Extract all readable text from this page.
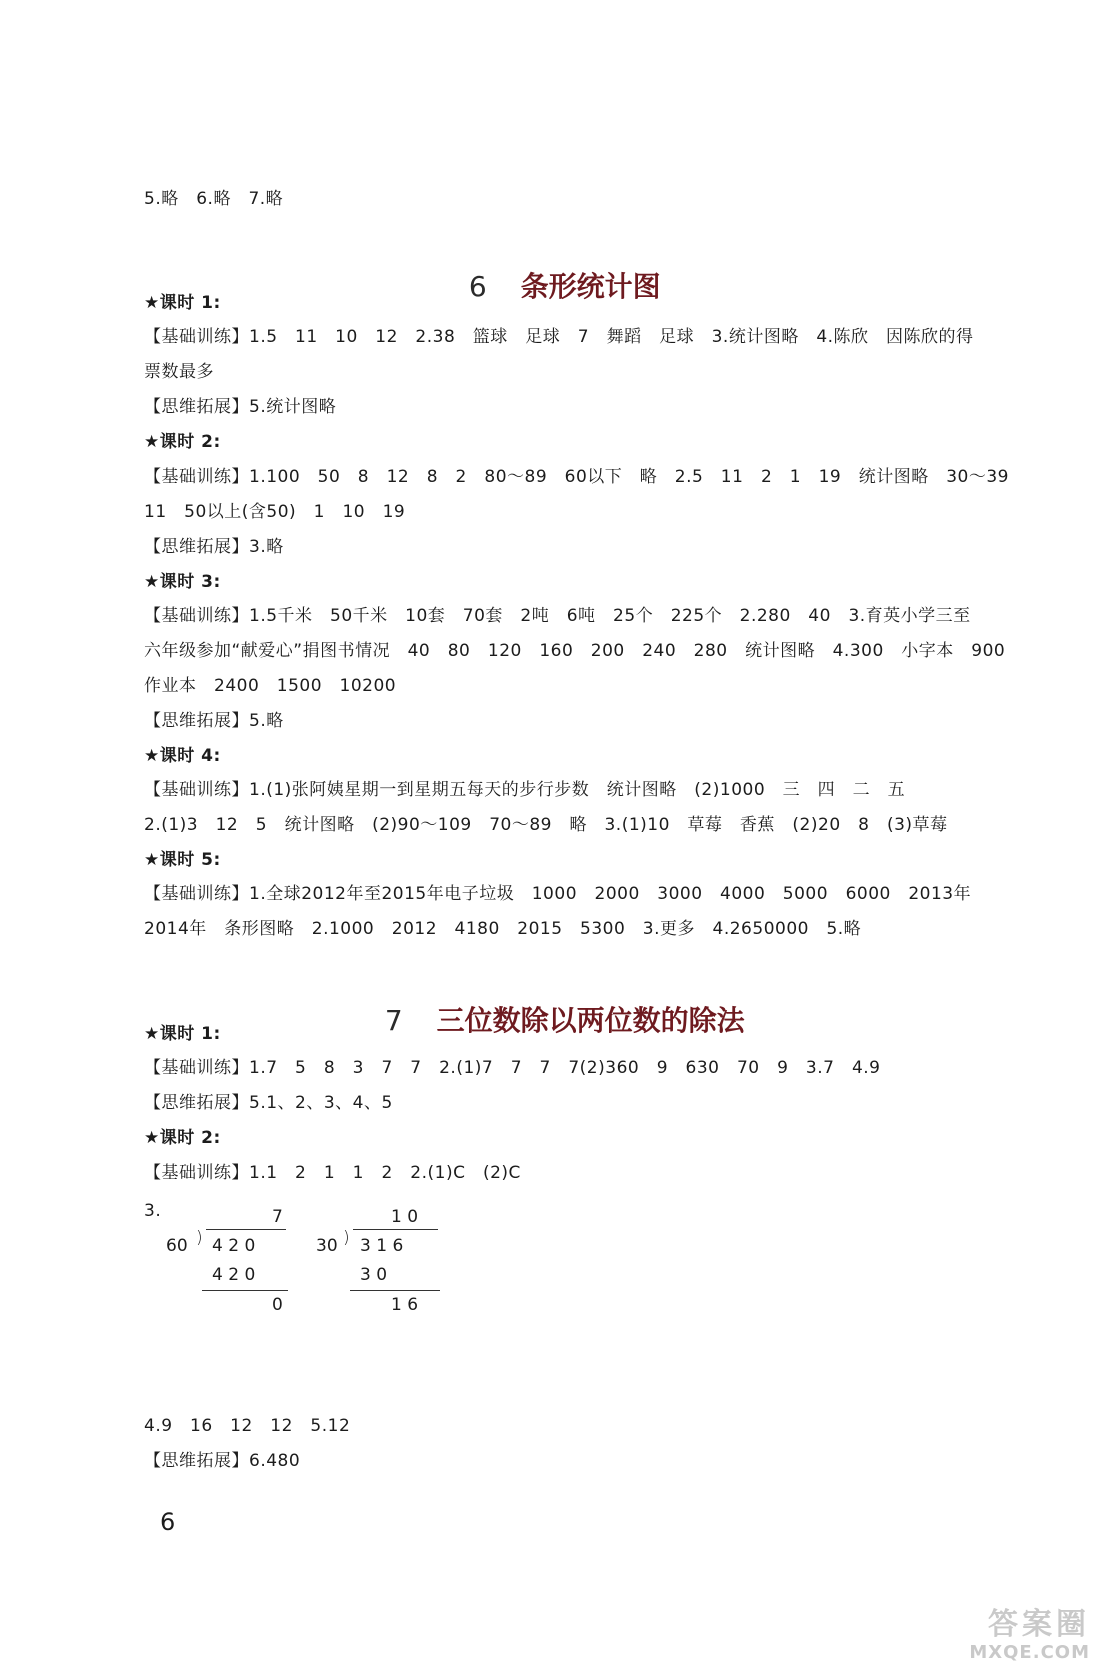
5.略　6.略　7.略

6 条形统计图

★课时 1:
【基础训练】1.5　11　10　12　2.38　篮球　足球　7　舞蹈　足球　3.统计图略　4.陈欣　因陈欣的得
票数最多
【思维拓展】5.统计图略
★课时 2:
【基础训练】1.100　50　8　12　8　2　80～89　60以下　略　2.5　11　2　1　19　统计图略　30～39
11　50以上(含50)　1　10　19
【思维拓展】3.略
★课时 3:
【基础训练】1.5千米　50千米　10套　70套　2吨　6吨　25个　225个　2.280　40　3.育英小学三至
六年级参加“献爱心”捐图书情况　40　80　120　160　200　240　280　统计图略　4.300　小字本　900
作业本　2400　1500　10200
【思维拓展】5.略
★课时 4:
【基础训练】1.(1)张阿姨星期一到星期五每天的步行步数　统计图略　(2)1000　三　四　二　五
2.(1)3　12　5　统计图略　(2)90～109　70～89　略　3.(1)10　草莓　香蕉　(2)20　8　(3)草莓
★课时 5:
【基础训练】1.全球2012年至2015年电子垃圾　1000　2000　3000　4000　5000　6000　2013年
2014年　条形图略　2.1000　2012　4180　2015　5300　3.更多　4.2650000　5.略

7 三位数除以两位数的除法

★课时 1:
【基础训练】1.7　5　8　3　7　7　2.(1)7　7　7　7(2)360　9　630　70　9　3.7　4.9
【思维拓展】5.1、2、3、4、5
★课时 2:
【基础训练】1.1　2　1　1　2　2.(1)C　(2)C
3.	7
60 ) 4 2 0
4 2 0
0
1 0
30 ) 3 1 6
3 0
1 6
4.9　16　12　12　5.12
【思维拓展】6.480
6
答案圈
MXQE.COM
